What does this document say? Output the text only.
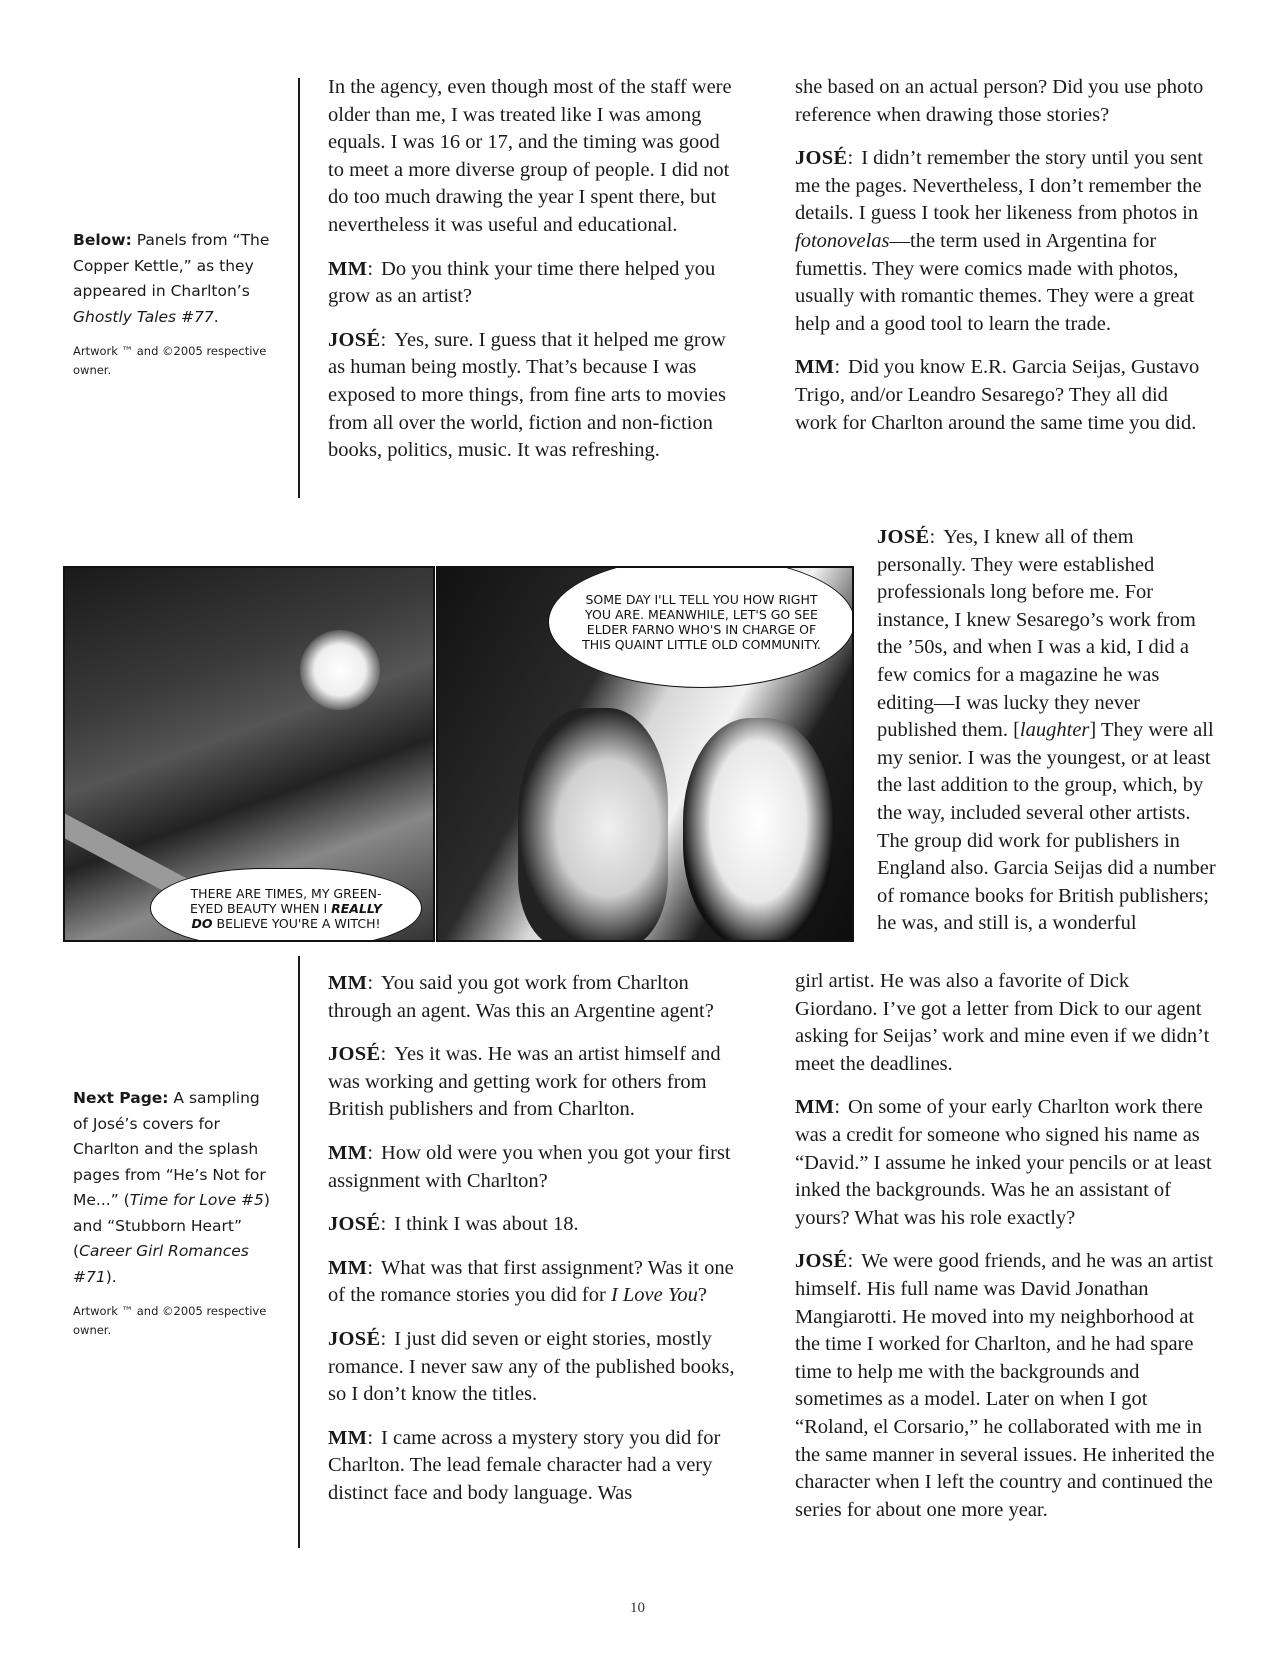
Below: Panels from “The Copper Kettle,” as they appeared in Charlton’s Ghostly Tales #77.
Artwork ™ and ©2005 respective owner.
Next Page: A sampling of José’s covers for Charlton and the splash pages from “He’s Not for Me...” (Time for Love #5) and “Stubborn Heart” (Career Girl Romances #71).
Artwork ™ and ©2005 respective owner.

In the agency, even though most of the staff were older than me, I was treated like I was among equals. I was 16 or 17, and the timing was good to meet a more diverse group of people. I did not do too much drawing the year I spent there, but nevertheless it was useful and educational.

MM: Do you think your time there helped you grow as an artist?

JOSÉ: Yes, sure. I guess that it helped me grow as human being mostly. That’s because I was exposed to more things, from fine arts to movies from all over the world, fiction and non-fiction books, politics, music. It was refreshing.

THERE ARE TIMES, MY GREEN-EYED BEAUTY WHEN I REALLY DO BELIEVE YOU'RE A WITCH!
SOME DAY I'LL TELL YOU HOW RIGHT YOU ARE. MEANWHILE, LET'S GO SEE ELDER FARNO WHO'S IN CHARGE OF THIS QUAINT LITTLE OLD COMMUNITY.

MM: You said you got work from Charlton through an agent. Was this an Argentine agent?

JOSÉ: Yes it was. He was an artist himself and was working and getting work for others from British publishers and from Charlton.

MM: How old were you when you got your first assignment with Charlton?

JOSÉ: I think I was about 18.

MM: What was that first assignment? Was it one of the romance stories you did for I Love You?

JOSÉ: I just did seven or eight stories, mostly romance. I never saw any of the published books, so I don’t know the titles.

MM: I came across a mystery story you did for Charlton. The lead female character had a very distinct face and body language. Was

she based on an actual person? Did you use photo reference when drawing those stories?

JOSÉ: I didn’t remember the story until you sent me the pages. Nevertheless, I don’t remember the details. I guess I took her likeness from photos in fotonovelas—the term used in Argentina for fumettis. They were comics made with photos, usually with romantic themes. They were a great help and a good tool to learn the trade.

MM: Did you know E.R. Garcia Seijas, Gustavo Trigo, and/or Leandro Sesarego? They all did work for Charlton around the same time you did.

JOSÉ: Yes, I knew all of them personally. They were established professionals long before me. For instance, I knew Sesarego’s work from the ’50s, and when I was a kid, I did a few comics for a magazine he was editing—I was lucky they never published them. [laughter] They were all my senior. I was the youngest, or at least the last addition to the group, which, by the way, included several other artists. The group did work for publishers in England also. Garcia Seijas did a number of romance books for British publishers; he was, and still is, a wonderful

girl artist. He was also a favorite of Dick Giordano. I’ve got a letter from Dick to our agent asking for Seijas’ work and mine even if we didn’t meet the deadlines.

MM: On some of your early Charlton work there was a credit for someone who signed his name as “David.” I assume he inked your pencils or at least inked the backgrounds. Was he an assistant of yours? What was his role exactly?

JOSÉ: We were good friends, and he was an artist himself. His full name was David Jonathan Mangiarotti. He moved into my neighborhood at the time I worked for Charlton, and he had spare time to help me with the backgrounds and sometimes as a model. Later on when I got “Roland, el Corsario,” he collaborated with me in the same manner in several issues. He inherited the character when I left the country and continued the series for about one more year.

10
